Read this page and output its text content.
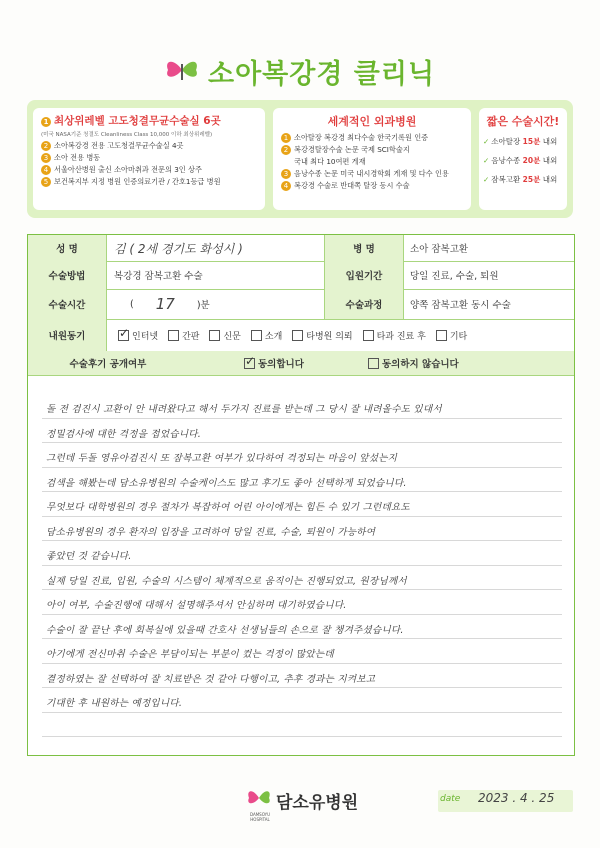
소아복강경 클리닉
1 최상위레벨 고도청결무균수술실 6곳
(미국 NASA기준 청결도 Cleanliness Class 10,000 이하 최상위레벨)
2 소아복강경 전용 고도청결무균수술실 4곳
3 소아 전용 병동
4 서울아산병원 출신 소아마취과 전문의 3인 상주
5 보건복지부 지정 병원 인증의료기관 / 간호1등급 병원
세계적인 외과병원
1 소아탈장 복강경 최다수술 한국기록원 인증
2 복강경탈장수술 논문 국제 SCI학술지
국내 최다 10여편 게재
3 음낭수종 논문 미국 내시경학회 게재 및 다수 인용
4 복강경 수술로 반대쪽 탈장 동시 수술
짧은 수술시간!
✓ 소아탈장 15분 내외
✓ 음낭수종 20분 내외
✓ 잠복고환 25분 내외
성 명	김 ( 2세 경기도 화성시 )	병 명	소아 잠복고환
수술방법	복강경 잠복고환 수술	입원기간	당일 진료, 수술, 퇴원
수술시간	( 17 )분	수술과정	양쪽 잠복고환 동시 수술
내원동기 ✓	인터넷	간판	신문	소개	타병원 의뢰	타과 진료 후	기타
수술후기 공개여부 ✓	동의합니다	동의하지 않습니다
돌 전 검진시 고환이 안 내려왔다고 해서 두가지 진료를 받는데 그 당시 잘 내려올수도 있대서
정밀검사에 대한 걱정을 접었습니다.
그런데 두돌 영유아검진시 또 잠복고환 여부가 있다하여 걱정되는 마음이 앞섰는지
검색을 해봤는데 담소유병원의 수술케이스도 많고 후기도 좋아 선택하게 되었습니다.
무엇보다 대학병원의 경우 절차가 복잡하여 어린 아이에게는 힘든 수 있기 그런데요도
담소유병원의 경우 환자의 입장을 고려하여 당일 진료, 수술, 퇴원이 가능하여
좋았던 것 같습니다.
실제 당일 진료, 입원, 수술의 시스템이 체계적으로 움직이는 진행되었고, 원장님께서
아이 여부, 수술진행에 대해서 설명해주셔서 안심하며 대기하였습니다.
수술이 잘 끝난 후에 회복실에 있을때 간호사 선생님들의 손으로 잘 챙겨주셨습니다.
아기에게 전신마취 수술은 부담이되는 부분이 컸는 걱정이 많았는데
결정하였는 잘 선택하여 잘 치료받은 것 같아 다행이고, 추후 경과는 지켜보고
기대한 후 내원하는 예정입니다.
DAMSOYU HOSPITAL
담소유병원	date 2023 . 4 . 25
